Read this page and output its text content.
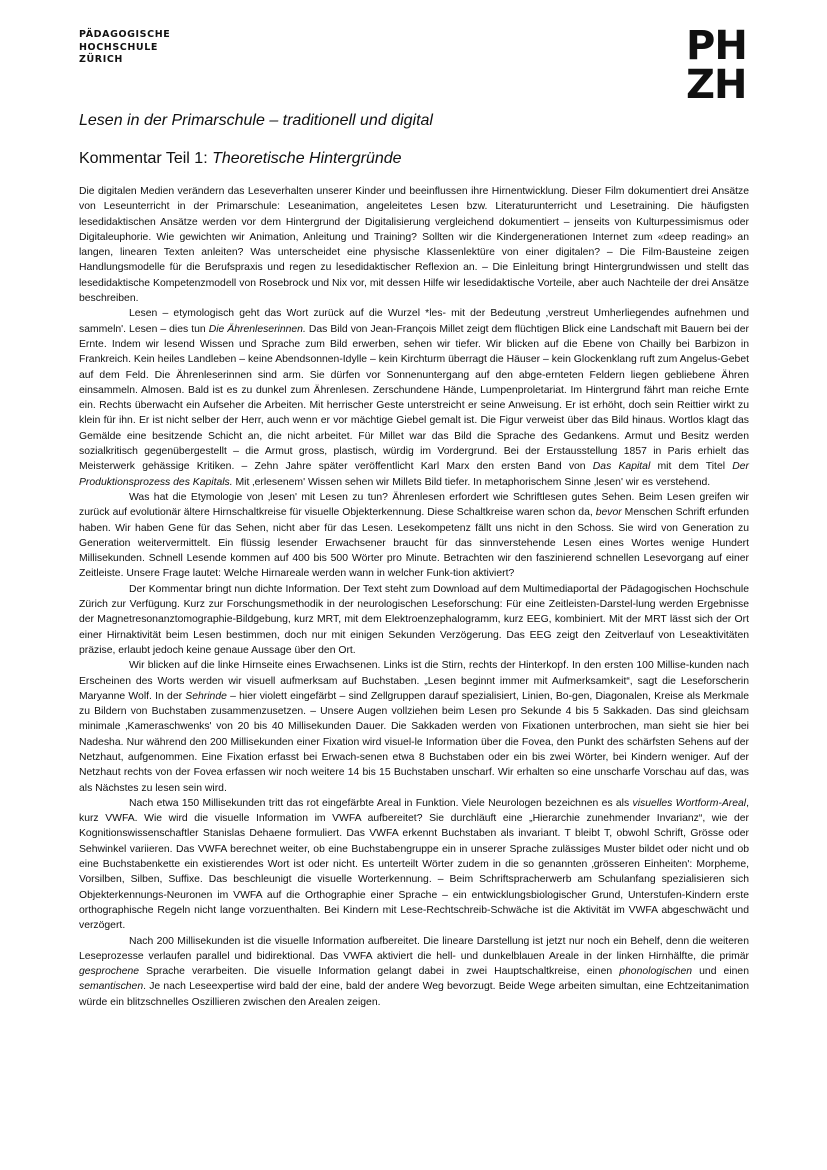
PÄDAGOGISCHE
HOCHSCHULE
ZÜRICH	PH
ZH
Lesen in der Primarschule – traditionell und digital
Kommentar Teil 1: Theoretische Hintergründe

Die digitalen Medien verändern das Leseverhalten unserer Kinder und beeinflussen ihre Hirnentwicklung. Dieser Film dokumentiert drei Ansätze von Leseunterricht in der Primarschule: Leseanimation, angeleitetes Lesen bzw. Literaturunterricht und Lesetraining. Die häufigsten lesedidaktischen Ansätze werden vor dem Hintergrund der Digitalisierung vergleichend dokumentiert – jenseits von Kulturpessimismus oder Digitaleuphorie. Wie gewichten wir Animation, Anleitung und Training? Sollten wir die Kindergenerationen Internet zum «deep reading» an langen, linearen Texten anleiten? Was unterscheidet eine physische Klassenlektüre von einer digitalen? – Die Film-Bausteine zeigen Handlungsmodelle für die Berufspraxis und regen zu lesedidaktischer Reflexion an. – Die Einleitung bringt Hintergrundwissen und stellt das lesedidaktische Kompetenzmodell von Rosebrock und Nix vor, mit dessen Hilfe wir lesedidaktische Vorteile, aber auch Nachteile der drei Ansätze beschreiben.

Lesen – etymologisch geht das Wort zurück auf die Wurzel *les- mit der Bedeutung ‚verstreut Umherliegendes aufnehmen und sammeln'. Lesen – dies tun Die Ährenleserinnen. Das Bild von Jean-François Millet zeigt dem flüchtigen Blick eine Landschaft mit Bauern bei der Ernte. Indem wir lesend Wissen und Sprache zum Bild erwerben, sehen wir tiefer. Wir blicken auf die Ebene von Chailly bei Barbizon in Frankreich. Kein heiles Landleben – keine Abendsonnen-Idylle – kein Kirchturm überragt die Häuser – kein Glockenklang ruft zum Angelus-Gebet auf dem Feld. Die Ährenleserinnen sind arm. Sie dürfen vor Sonnenuntergang auf den abge-ernteten Feldern liegen gebliebene Ähren einsammeln. Almosen. Bald ist es zu dunkel zum Ährenlesen. Zerschundene Hände, Lumpenproletariat. Im Hintergrund fährt man reiche Ernte ein. Rechts überwacht ein Aufseher die Arbeiten. Mit herrischer Geste unterstreicht er seine Anweisung. Er ist erhöht, doch sein Reittier wirkt zu klein für ihn. Er ist nicht selber der Herr, auch wenn er vor mächtige Giebel gemalt ist. Die Figur verweist über das Bild hinaus. Wortlos klagt das Gemälde eine besitzende Schicht an, die nicht arbeitet. Für Millet war das Bild die Sprache des Gedankens. Armut und Besitz werden sozialkritisch gegenübergestellt – die Armut gross, plastisch, würdig im Vordergrund. Bei der Erstausstellung 1857 in Paris erhielt das Meisterwerk gehässige Kritiken. – Zehn Jahre später veröffentlicht Karl Marx den ersten Band von Das Kapital mit dem Titel Der Produktionsprozess des Kapitals. Mit ‚erlesenem' Wissen sehen wir Millets Bild tiefer. In metaphorischem Sinne ‚lesen' wir es verstehend.

Was hat die Etymologie von ‚lesen' mit Lesen zu tun? Ährenlesen erfordert wie Schriftlesen gutes Sehen. Beim Lesen greifen wir zurück auf evolutionär ältere Hirnschaltkreise für visuelle Objekterkennung. Diese Schaltkreise waren schon da, bevor Menschen Schrift erfunden haben. Wir haben Gene für das Sehen, nicht aber für das Lesen. Lesekompetenz fällt uns nicht in den Schoss. Sie wird von Generation zu Generation weitervermittelt. Ein flüssig lesender Erwachsener braucht für das sinnverstehende Lesen eines Wortes wenige Hundert Millisekunden. Schnell Lesende kommen auf 400 bis 500 Wörter pro Minute. Betrachten wir den faszinierend schnellen Lesevorgang auf einer Zeitleiste. Unsere Frage lautet: Welche Hirnareale werden wann in welcher Funk-tion aktiviert?

Der Kommentar bringt nun dichte Information. Der Text steht zum Download auf dem Multimediaportal der Pädagogischen Hochschule Zürich zur Verfügung. Kurz zur Forschungsmethodik in der neurologischen Leseforschung: Für eine Zeitleisten-Darstel-lung werden Ergebnisse der Magnetresonanztomographie-Bildgebung, kurz MRT, mit dem Elektroenzephalogramm, kurz EEG, kombiniert. Mit der MRT lässt sich der Ort einer Hirnaktivität beim Lesen bestimmen, doch nur mit einigen Sekunden Verzögerung. Das EEG zeigt den Zeitverlauf von Leseaktivitäten präzise, erlaubt jedoch keine genaue Aussage über den Ort.

Wir blicken auf die linke Hirnseite eines Erwachsenen. Links ist die Stirn, rechts der Hinterkopf. In den ersten 100 Millise-kunden nach Erscheinen des Worts werden wir visuell aufmerksam auf Buchstaben. „Lesen beginnt immer mit Aufmerksamkeit“, sagt die Leseforscherin Maryanne Wolf. In der Sehrinde – hier violett eingefärbt – sind Zellgruppen darauf spezialisiert, Linien, Bo-gen, Diagonalen, Kreise als Merkmale zu Bildern von Buchstaben zusammenzusetzen. – Unsere Augen vollziehen beim Lesen pro Sekunde 4 bis 5 Sakkaden. Das sind gleichsam minimale ‚Kameraschwenks' von 20 bis 40 Millisekunden Dauer. Die Sakkaden werden von Fixationen unterbrochen, man sieht sie hier bei Nadesha. Nur während den 200 Millisekunden einer Fixation wird visuel-le Information über die Fovea, den Punkt des schärfsten Sehens auf der Netzhaut, aufgenommen. Eine Fixation erfasst bei Erwach-senen etwa 8 Buchstaben oder ein bis zwei Wörter, bei Kindern weniger. Auf der Netzhaut rechts von der Fovea erfassen wir noch weitere 14 bis 15 Buchstaben unscharf. Wir erhalten so eine unscharfe Vorschau auf das, was als Nächstes zu lesen sein wird.

Nach etwa 150 Millisekunden tritt das rot eingefärbte Areal in Funktion. Viele Neurologen bezeichnen es als visuelles Wortform-Areal, kurz VWFA. Wie wird die visuelle Information im VWFA aufbereitet? Sie durchläuft eine „Hierarchie zunehmender Invarianz“, wie der Kognitionswissenschaftler Stanislas Dehaene formuliert. Das VWFA erkennt Buchstaben als invariant. T bleibt T, obwohl Schrift, Grösse oder Sehwinkel variieren. Das VWFA berechnet weiter, ob eine Buchstabengruppe ein in unserer Sprache zulässiges Muster bildet oder nicht und ob eine Buchstabenkette ein existierendes Wort ist oder nicht. Es unterteilt Wörter zudem in die so genannten ‚grösseren Einheiten': Morpheme, Vorsilben, Silben, Suffixe. Das beschleunigt die visuelle Worterkennung. – Beim Schriftspracherwerb am Schulanfang spezialisieren sich Objekterkennungs-Neuronen im VWFA auf die Orthographie einer Sprache – ein entwicklungsbiologischer Grund, Unterstufen-Kindern erste orthographische Regeln nicht lange vorzuenthalten. Bei Kindern mit Lese-Rechtschreib-Schwäche ist die Aktivität im VWFA abgeschwächt und verzögert.

Nach 200 Millisekunden ist die visuelle Information aufbereitet. Die lineare Darstellung ist jetzt nur noch ein Behelf, denn die weiteren Leseprozesse verlaufen parallel und bidirektional. Das VWFA aktiviert die hell- und dunkelblauen Areale in der linken Hirnhälfte, die primär gesprochene Sprache verarbeiten. Die visuelle Information gelangt dabei in zwei Hauptschaltkreise, einen phonologischen und einen semantischen. Je nach Leseexpertise wird bald der eine, bald der andere Weg bevorzugt. Beide Wege arbeiten simultan, eine Echtzeitanimation würde ein blitzschnelles Oszillieren zwischen den Arealen zeigen.
